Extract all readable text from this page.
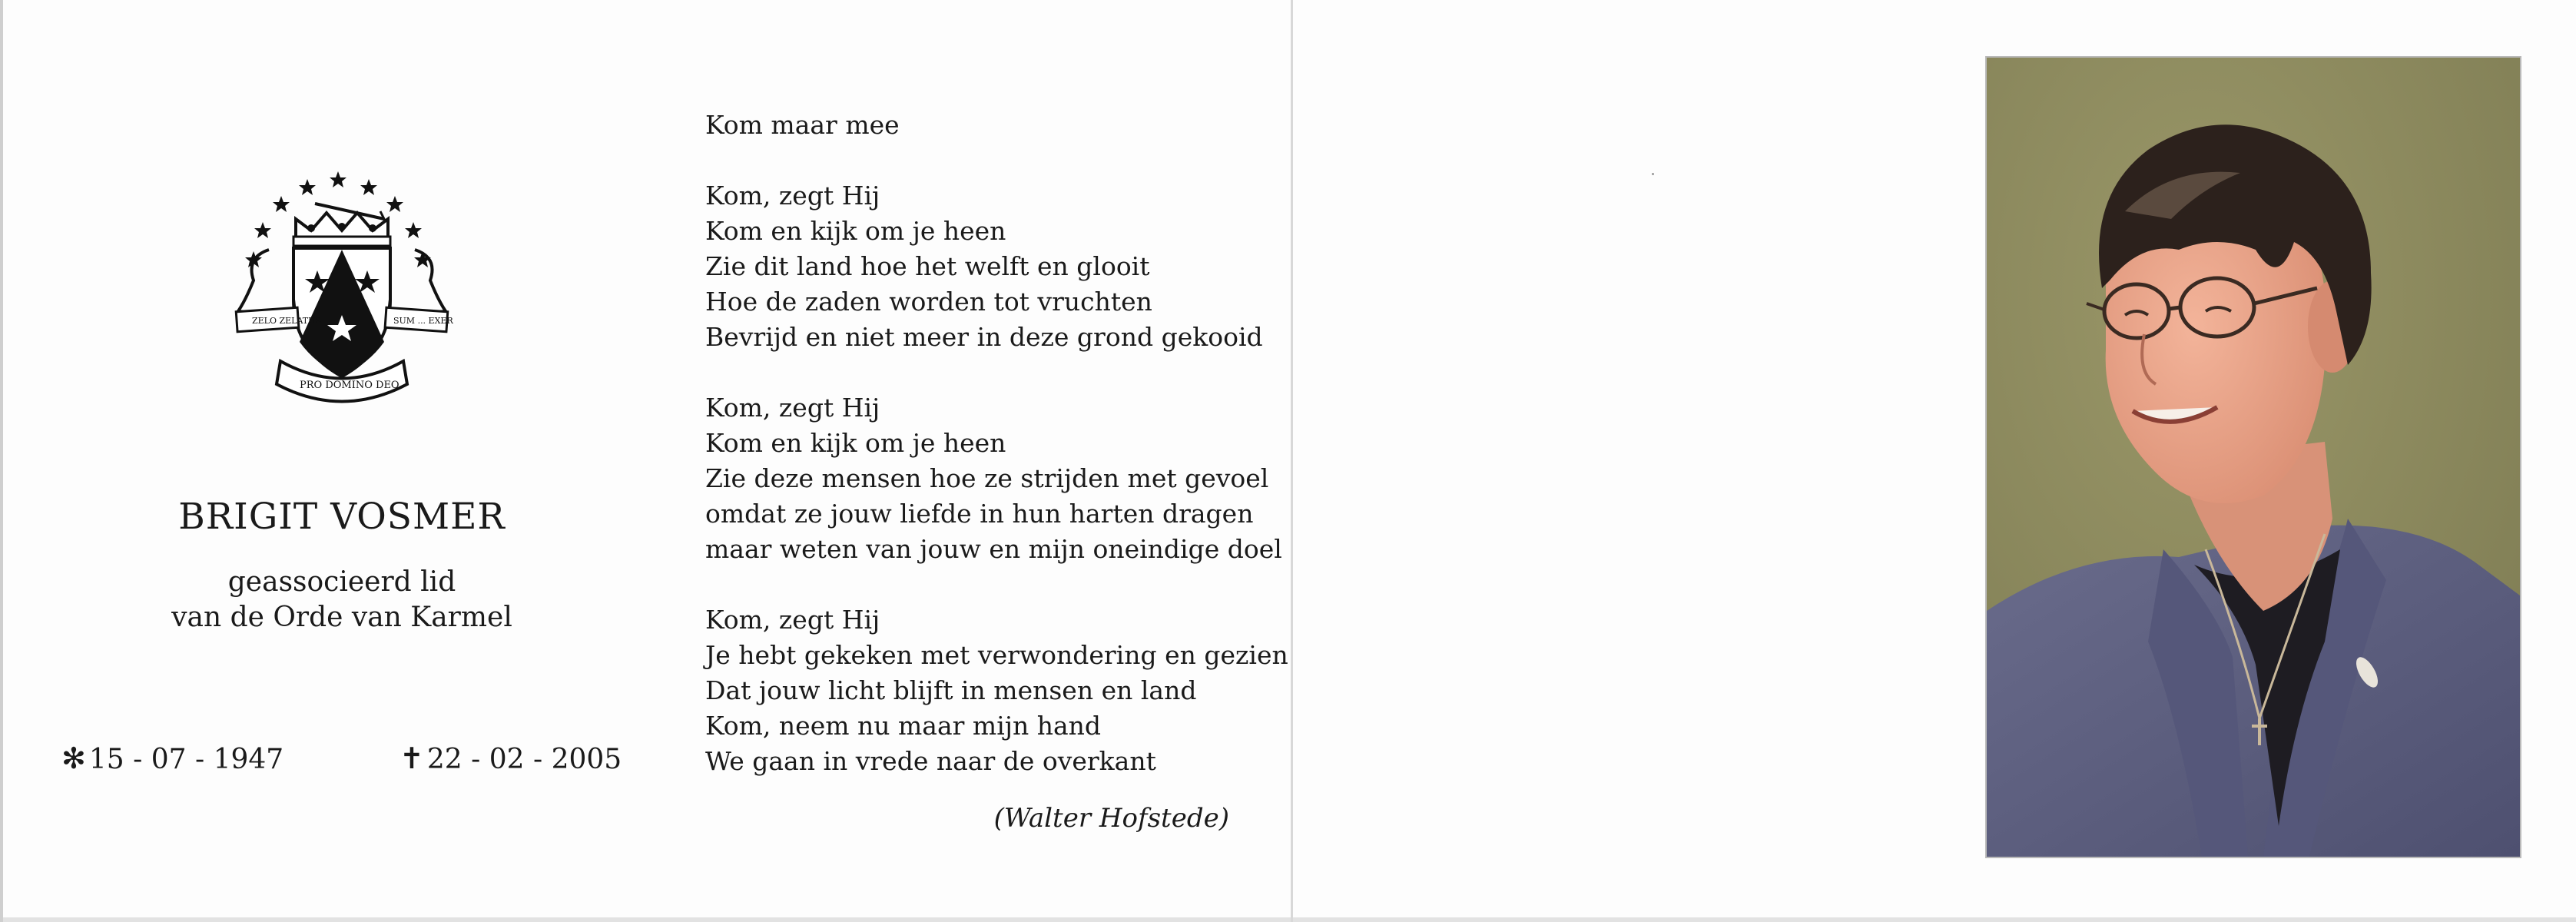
ZELO ZELATUS	SUM ... EXER
PRO DOMINO DEO
BRIGIT VOSMER
geassocieerd lid
van de Orde van Karmel
✻ 15 - 07 - 1947	✝ 22 - 02 - 2005
Kom maar mee
Kom, zegt Hij
Kom en kijk om je heen
Zie dit land hoe het welft en glooit
Hoe de zaden worden tot vruchten
Bevrijd en niet meer in deze grond gekooid
Kom, zegt Hij
Kom en kijk om je heen
Zie deze mensen hoe ze strijden met gevoel
omdat ze jouw liefde in hun harten dragen
maar weten van jouw en mijn oneindige doel
Kom, zegt Hij
Je hebt gekeken met verwondering en gezien
Dat jouw licht blijft in mensen en land
Kom, neem nu maar mijn hand
We gaan in vrede naar de overkant
(Walter Hofstede)
